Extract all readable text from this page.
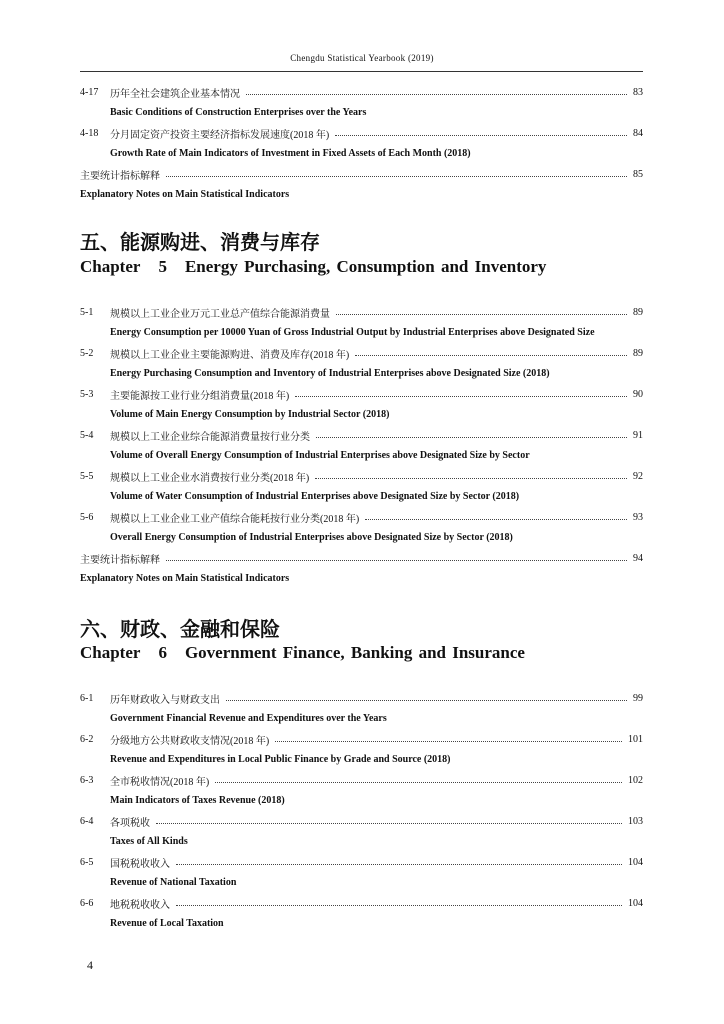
Chengdu Statistical Yearbook (2019)
4-17	历年全社会建筑企业基本情况	83
Basic Conditions of Construction Enterprises over the Years
4-18	分月固定资产投资主要经济指标发展速度(2018 年)	84
Growth Rate of Main Indicators of Investment in Fixed Assets of Each Month (2018)
主要统计指标解释	85
Explanatory Notes on Main Statistical Indicators
五、能源购进、消费与库存
Chapter 5 Energy Purchasing, Consumption and Inventory
5-1	规模以上工业企业万元工业总产值综合能源消费量	89
Energy Consumption per 10000 Yuan of Gross Industrial Output by Industrial Enterprises above Designated Size
5-2	规模以上工业企业主要能源购进、消费及库存(2018 年)	89
Energy Purchasing Consumption and Inventory of Industrial Enterprises above Designated Size (2018)
5-3	主要能源按工业行业分组消费量(2018 年)	90
Volume of Main Energy Consumption by Industrial Sector (2018)
5-4	规模以上工业企业综合能源消费量按行业分类	91
Volume of Overall Energy Consumption of Industrial Enterprises above Designated Size by Sector
5-5	规模以上工业企业水消费按行业分类(2018 年)	92
Volume of Water Consumption of Industrial Enterprises above Designated Size by Sector (2018)
5-6	规模以上工业企业工业产值综合能耗按行业分类(2018 年)	93
Overall Energy Consumption of Industrial Enterprises above Designated Size by Sector (2018)
主要统计指标解释	94
Explanatory Notes on Main Statistical Indicators
六、财政、金融和保险
Chapter 6 Government Finance, Banking and Insurance
6-1	历年财政收入与财政支出	99
Government Financial Revenue and Expenditures over the Years
6-2	分级地方公共财政收支情况(2018 年)	101
Revenue and Expenditures in Local Public Finance by Grade and Source (2018)
6-3	全市税收情况(2018 年)	102
Main Indicators of Taxes Revenue (2018)
6-4	各项税收	103
Taxes of All Kinds
6-5	国税税收收入	104
Revenue of National Taxation
6-6	地税税收收入	104
Revenue of Local Taxation
4
